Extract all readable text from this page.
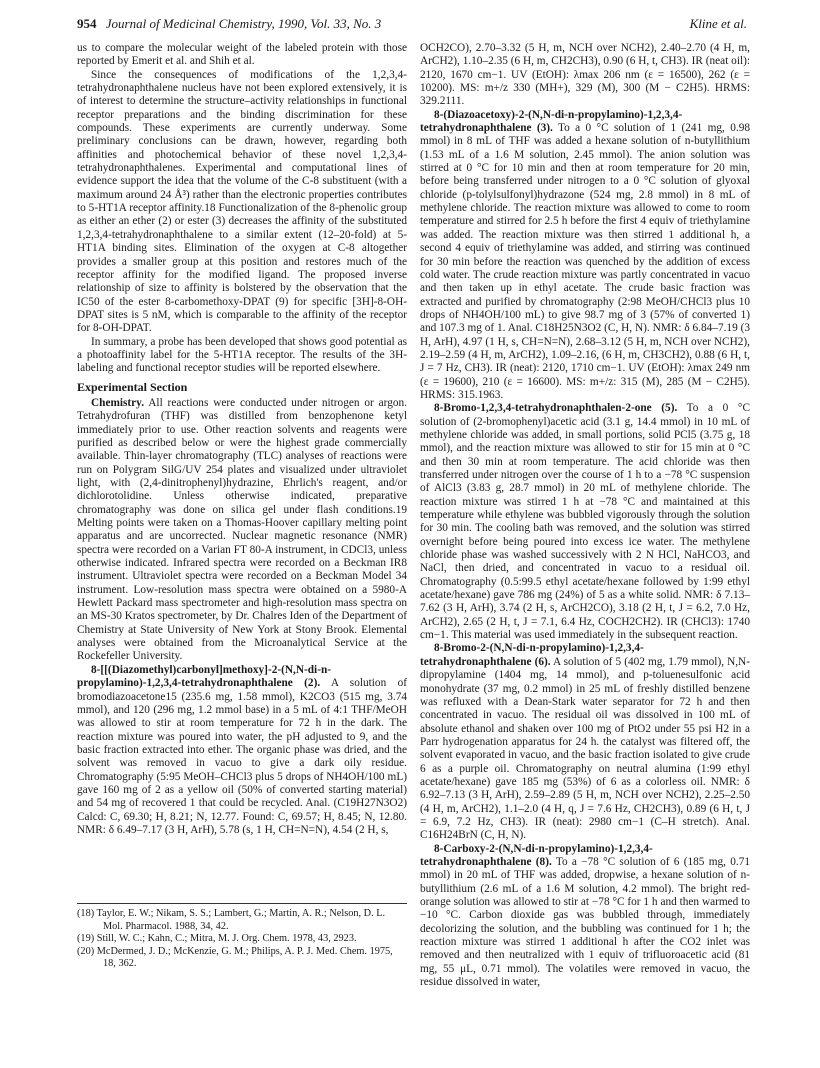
954 Journal of Medicinal Chemistry, 1990, Vol. 33, No. 3	Kline et al.

us to compare the molecular weight of the labeled protein with those reported by Emerit et al. and Shih et al.

Since the consequences of modifications of the 1,2,3,4-tetrahydronaphthalene nucleus have not been explored extensively, it is of interest to determine the structure–activity relationships in functional receptor preparations and the binding discrimination for these compounds. These experiments are currently underway. Some preliminary conclusions can be drawn, however, regarding both affinities and photochemical behavior of these novel 1,2,3,4-tetrahydronaphthalenes. Experimental and computational lines of evidence support the idea that the volume of the C-8 substituent (with a maximum around 24 Å³) rather than the electronic properties contributes to 5-HT1A receptor affinity.18 Functionalization of the 8-phenolic group as either an ether (2) or ester (3) decreases the affinity of the substituted 1,2,3,4-tetrahydronaphthalene to a similar extent (12–20-fold) at 5-HT1A binding sites. Elimination of the oxygen at C-8 altogether provides a smaller group at this position and restores much of the receptor affinity for the modified ligand. The proposed inverse relationship of size to affinity is bolstered by the observation that the IC50 of the ester 8-carbomethoxy-DPAT (9) for specific [3H]-8-OH-DPAT sites is 5 nM, which is comparable to the affinity of the receptor for 8-OH-DPAT.

In summary, a probe has been developed that shows good potential as a photoaffinity label for the 5-HT1A receptor. The results of the 3H-labeling and functional receptor studies will be reported elsewhere.

Experimental Section

Chemistry. All reactions were conducted under nitrogen or argon. Tetrahydrofuran (THF) was distilled from benzophenone ketyl immediately prior to use. Other reaction solvents and reagents were purified as described below or were the highest grade commercially available. Thin-layer chromatography (TLC) analyses of reactions were run on Polygram SilG/UV 254 plates and visualized under ultraviolet light, with (2,4-dinitrophenyl)hydrazine, Ehrlich's reagent, and/or dichlorotolidine. Unless otherwise indicated, preparative chromatography was done on silica gel under flash conditions.19 Melting points were taken on a Thomas-Hoover capillary melting point apparatus and are uncorrected. Nuclear magnetic resonance (NMR) spectra were recorded on a Varian FT 80-A instrument, in CDCl3, unless otherwise indicated. Infrared spectra were recorded on a Beckman IR8 instrument. Ultraviolet spectra were recorded on a Beckman Model 34 instrument. Low-resolution mass spectra were obtained on a 5980-A Hewlett Packard mass spectrometer and high-resolution mass spectra on an MS-30 Kratos spectrometer, by Dr. Chalres Iden of the Department of Chemistry at State University of New York at Stony Brook. Elemental analyses were obtained from the Microanalytical Service at the Rockefeller University.

8-[[(Diazomethyl)carbonyl]methoxy]-2-(N,N-di-n-propylamino)-1,2,3,4-tetrahydronaphthalene (2). A solution of bromodiazoacetone15 (235.6 mg, 1.58 mmol), K2CO3 (515 mg, 3.74 mmol), and 120 (296 mg, 1.2 mmol base) in a 5 mL of 4:1 THF/MeOH was allowed to stir at room temperature for 72 h in the dark. The reaction mixture was poured into water, the pH adjusted to 9, and the basic fraction extracted into ether. The organic phase was dried, and the solvent was removed in vacuo to give a dark oily residue. Chromatography (5:95 MeOH–CHCl3 plus 5 drops of NH4OH/100 mL) gave 160 mg of 2 as a yellow oil (50% of converted starting material) and 54 mg of recovered 1 that could be recycled. Anal. (C19H27N3O2) Calcd: C, 69.30; H, 8.21; N, 12.77. Found: C, 69.57; H, 8.45; N, 12.80. NMR: δ 6.49–7.17 (3 H, ArH), 5.78 (s, 1 H, CH=N=N), 4.54 (2 H, s,

OCH2CO), 2.70–3.32 (5 H, m, NCH over NCH2), 2.40–2.70 (4 H, m, ArCH2), 1.10–2.35 (6 H, m, CH2CH3), 0.90 (6 H, t, CH3). IR (neat oil): 2120, 1670 cm−1. UV (EtOH): λmax 206 nm (ε = 16500), 262 (ε = 10200). MS: m+/z 330 (MH+), 329 (M), 300 (M − C2H5). HRMS: 329.2111.

8-(Diazoacetoxy)-2-(N,N-di-n-propylamino)-1,2,3,4-tetrahydronaphthalene (3). To a 0 °C solution of 1 (241 mg, 0.98 mmol) in 8 mL of THF was added a hexane solution of n-butyllithium (1.53 mL of a 1.6 M solution, 2.45 mmol). The anion solution was stirred at 0 °C for 10 min and then at room temperature for 20 min, before being transferred under nitrogen to a 0 °C solution of glyoxal chloride (p-tolylsulfonyl)hydrazone (524 mg, 2.8 mmol) in 8 mL of methylene chloride. The reaction mixture was allowed to come to room temperature and stirred for 2.5 h before the first 4 equiv of triethylamine was added. The reaction mixture was then stirred 1 additional h, a second 4 equiv of triethylamine was added, and stirring was continued for 30 min before the reaction was quenched by the addition of excess cold water. The crude reaction mixture was partly concentrated in vacuo and then taken up in ethyl acetate. The crude basic fraction was extracted and purified by chromatography (2:98 MeOH/CHCl3 plus 10 drops of NH4OH/100 mL) to give 98.7 mg of 3 (57% of converted 1) and 107.3 mg of 1. Anal. C18H25N3O2 (C, H, N). NMR: δ 6.84–7.19 (3 H, ArH), 4.97 (1 H, s, CH=N=N), 2.68–3.12 (5 H, m, NCH over NCH2), 2.19–2.59 (4 H, m, ArCH2), 1.09–2.16, (6 H, m, CH3CH2), 0.88 (6 H, t, J = 7 Hz, CH3). IR (neat): 2120, 1710 cm−1. UV (EtOH): λmax 249 nm (ε = 19600), 210 (ε = 16600). MS: m+/z: 315 (M), 285 (M − C2H5). HRMS: 315.1963.

8-Bromo-1,2,3,4-tetrahydronaphthalen-2-one (5). To a 0 °C solution of (2-bromophenyl)acetic acid (3.1 g, 14.4 mmol) in 10 mL of methylene chloride was added, in small portions, solid PCl5 (3.75 g, 18 mmol), and the reaction mixture was allowed to stir for 15 min at 0 °C and then 30 min at room temperature. The acid chloride was then transferred under nitrogen over the course of 1 h to a −78 °C suspension of AlCl3 (3.83 g, 28.7 mmol) in 20 mL of methylene chloride. The reaction mixture was stirred 1 h at −78 °C and maintained at this temperature while ethylene was bubbled vigorously through the solution for 30 min. The cooling bath was removed, and the solution was stirred overnight before being poured into excess ice water. The methylene chloride phase was washed successively with 2 N HCl, NaHCO3, and NaCl, then dried, and concentrated in vacuo to a residual oil. Chromatography (0.5:99.5 ethyl acetate/hexane followed by 1:99 ethyl acetate/hexane) gave 786 mg (24%) of 5 as a white solid. NMR: δ 7.13–7.62 (3 H, ArH), 3.74 (2 H, s, ArCH2CO), 3.18 (2 H, t, J = 6.2, 7.0 Hz, ArCH2), 2.65 (2 H, t, J = 7.1, 6.4 Hz, COCH2CH2). IR (CHCl3): 1740 cm−1. This material was used immediately in the subsequent reaction.

8-Bromo-2-(N,N-di-n-propylamino)-1,2,3,4-tetrahydronaphthalene (6). A solution of 5 (402 mg, 1.79 mmol), N,N-dipropylamine (1404 mg, 14 mmol), and p-toluenesulfonic acid monohydrate (37 mg, 0.2 mmol) in 25 mL of freshly distilled benzene was refluxed with a Dean-Stark water separator for 72 h and then concentrated in vacuo. The residual oil was dissolved in 100 mL of absolute ethanol and shaken over 100 mg of PtO2 under 55 psi H2 in a Parr hydrogenation apparatus for 24 h. the catalyst was filtered off, the solvent evaporated in vacuo, and the basic fraction isolated to give crude 6 as a purple oil. Chromatography on neutral alumina (1:99 ethyl acetate/hexane) gave 185 mg (53%) of 6 as a colorless oil. NMR: δ 6.92–7.13 (3 H, ArH), 2.59–2.89 (5 H, m, NCH over NCH2), 2.25–2.50 (4 H, m, ArCH2), 1.1–2.0 (4 H, q, J = 7.6 Hz, CH2CH3), 0.89 (6 H, t, J = 6.9, 7.2 Hz, CH3). IR (neat): 2980 cm−1 (C–H stretch). Anal. C16H24BrN (C, H, N).

8-Carboxy-2-(N,N-di-n-propylamino)-1,2,3,4-tetrahydronaphthalene (8). To a −78 °C solution of 6 (185 mg, 0.71 mmol) in 20 mL of THF was added, dropwise, a hexane solution of n-butyllithium (2.6 mL of a 1.6 M solution, 4.2 mmol). The bright red-orange solution was allowed to stir at −78 °C for 1 h and then warmed to −10 °C. Carbon dioxide gas was bubbled through, immediately decolorizing the solution, and the bubbling was continued for 1 h; the reaction mixture was stirred 1 additional h after the CO2 inlet was removed and then neutralized with 1 equiv of trifluoroacetic acid (81 mg, 55 μL, 0.71 mmol). The volatiles were removed in vacuo, the residue dissolved in water,

(18) Taylor, E. W.; Nikam, S. S.; Lambert, G.; Martin, A. R.; Nelson, D. L. Mol. Pharmacol. 1988, 34, 42.
(19) Still, W. C.; Kahn, C.; Mitra, M. J. Org. Chem. 1978, 43, 2923.
(20) McDermed, J. D.; McKenzie, G. M.; Philips, A. P. J. Med. Chem. 1975, 18, 362.
